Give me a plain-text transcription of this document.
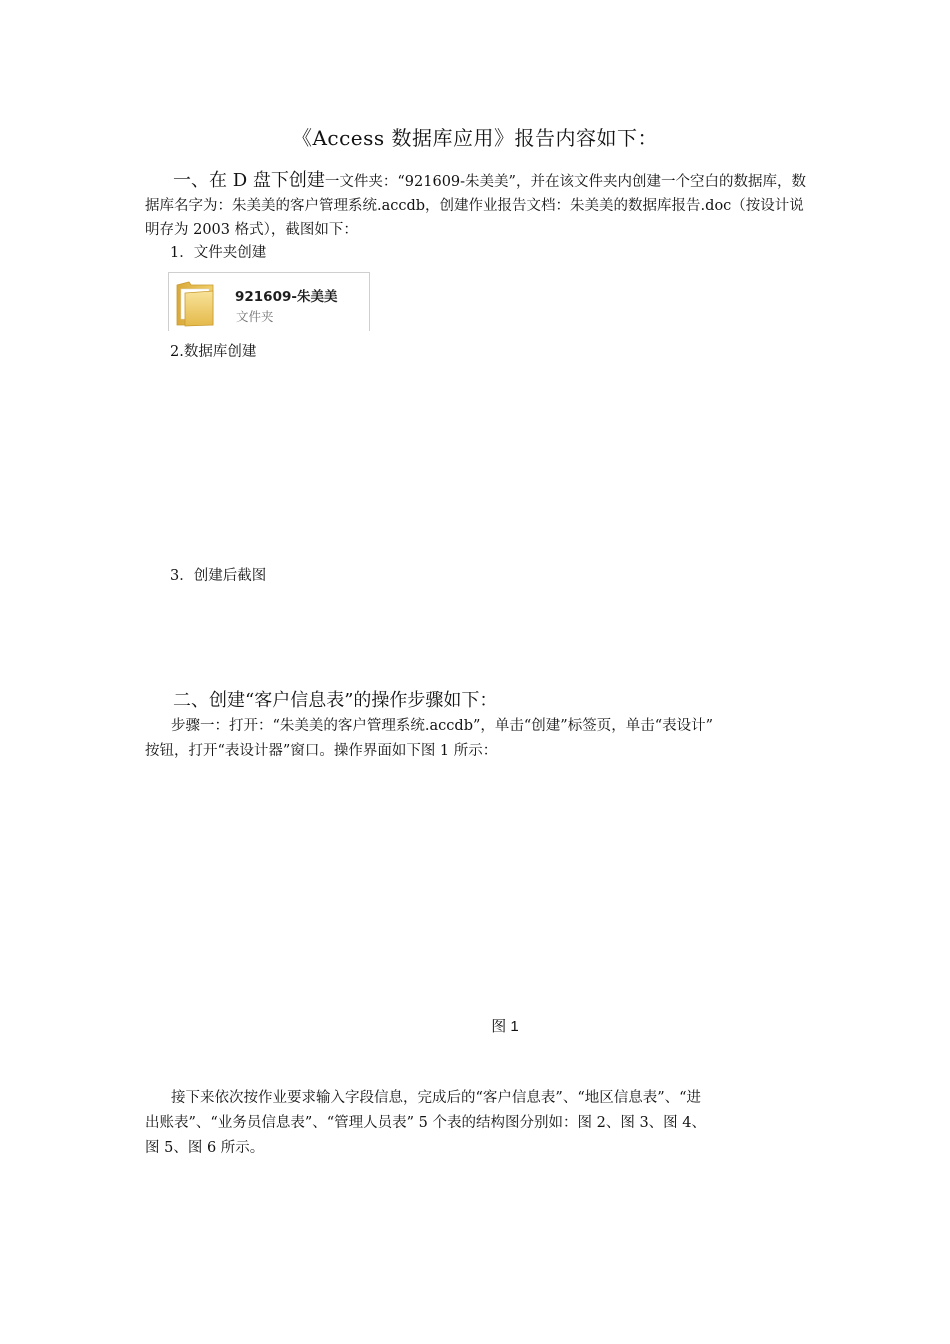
《Access 数据库应用》报告内容如下：
一、在 D 盘下创建一文件夹：“921609-朱美美”，并在该文件夹内创建一个空白的数据库，数据库名字为：朱美美的客户管理系统.accdb，创建作业报告文档：朱美美的数据库报告.doc（按设计说明存为 2003 格式），截图如下：
1．文件夹创建
921609-朱美美
文件夹
2.数据库创建
3．创建后截图
二、创建“客户信息表”的操作步骤如下：
步骤一：打开：“朱美美的客户管理系统.accdb”，单击“创建”标签页，单击“表设计”
按钮，打开“表设计器”窗口。操作界面如下图 1 所示：
图 1
接下来依次按作业要求输入字段信息，完成后的“客户信息表”、“地区信息表”、“进
出账表”、“业务员信息表”、“管理人员表” 5 个表的结构图分别如：图 2、图 3、图 4、
图 5、图 6 所示。
